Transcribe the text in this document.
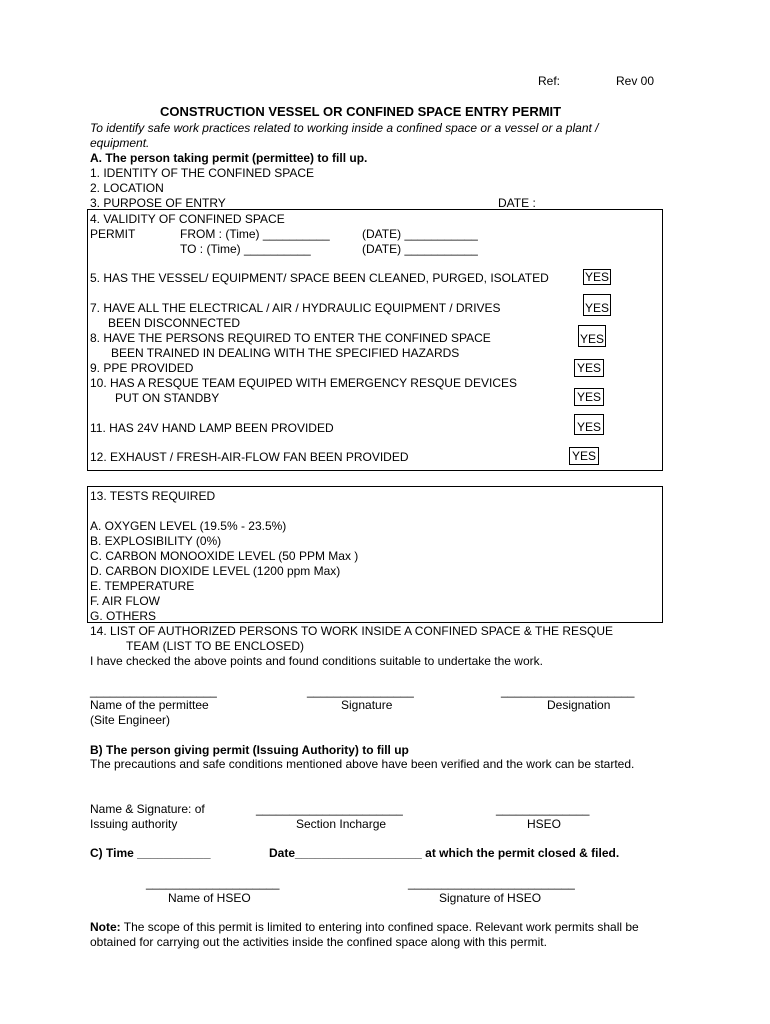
Ref:	Rev 00
CONSTRUCTION VESSEL OR CONFINED SPACE ENTRY PERMIT
To identify safe work practices related to working inside a confined space or a vessel or a plant / equipment.
A. The person taking permit (permittee) to fill up.
1. IDENTITY OF THE CONFINED SPACE
2. LOCATION
3. PURPOSE OF ENTRY	DATE :
4. VALIDITY OF CONFINED SPACE
PERMIT	FROM : (Time) __________	(DATE) ___________
TO : (Time) __________	(DATE) ___________
5. HAS THE VESSEL/ EQUIPMENT/ SPACE BEEN CLEANED, PURGED, ISOLATED	YES
7. HAVE ALL THE ELECTRICAL / AIR / HYDRAULIC EQUIPMENT / DRIVES
BEEN DISCONNECTED
YES
8. HAVE THE PERSONS REQUIRED TO ENTER THE CONFINED SPACE
BEEN TRAINED IN DEALING WITH THE SPECIFIED HAZARDS
YES
9. PPE PROVIDED	YES
10. HAS A RESQUE TEAM EQUIPED WITH EMERGENCY RESQUE DEVICES
PUT ON STANDBY	YES
11. HAS 24V HAND LAMP BEEN PROVIDED	YES
12. EXHAUST / FRESH-AIR-FLOW FAN BEEN PROVIDED	YES
13. TESTS REQUIRED
A. OXYGEN LEVEL (19.5% - 23.5%)
B. EXPLOSIBILITY (0%)
C. CARBON MONOOXIDE LEVEL (50 PPM Max )
D. CARBON DIOXIDE LEVEL (1200 ppm Max)
E. TEMPERATURE
F. AIR FLOW
G. OTHERS
14. LIST OF AUTHORIZED PERSONS TO WORK INSIDE A CONFINED SPACE & THE RESQUE
TEAM (LIST TO BE ENCLOSED)
I have checked the above points and found conditions suitable to undertake the work.
___________________	________________	____________________
Name of the permittee
(Site Engineer)
Signature	Designation
B) The person giving permit (Issuing Authority) to fill up
The precautions and safe conditions mentioned above have been verified and the work can be started.
Name & Signature: of
Issuing authority
______________________	______________
Section Incharge	HSEO
C) Time ___________	Date___________________ at which the permit closed & filed.
____________________	_________________________
Name of HSEO	Signature of HSEO
Note: The scope of this permit is limited to entering into confined space. Relevant work permits shall be obtained for carrying out the activities inside the confined space along with this permit.
